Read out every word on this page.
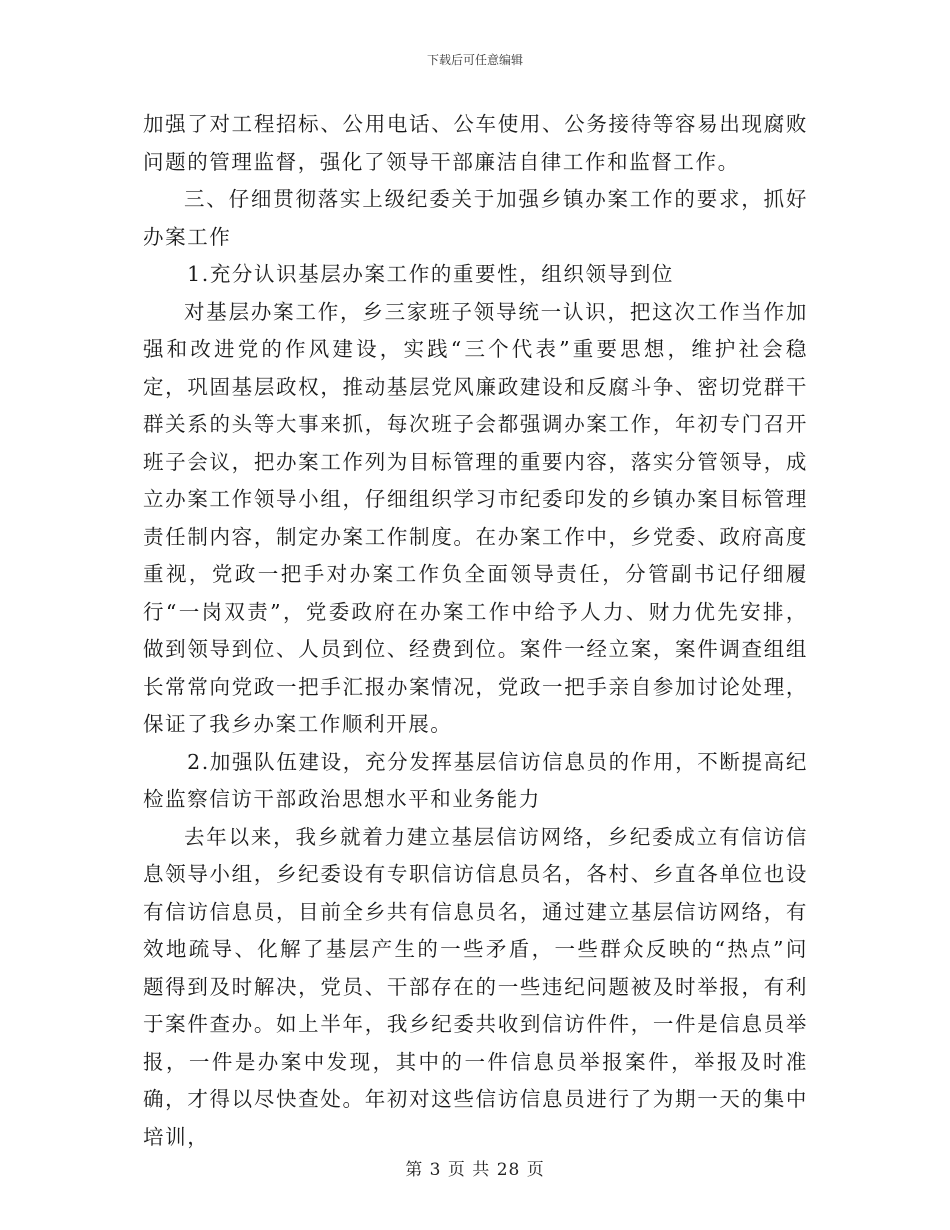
下载后可任意编辑

加强了对工程招标、公用电话、公车使用、公务接待等容易出现腐败问题的管理监督，强化了领导干部廉洁自律工作和监督工作。

三、仔细贯彻落实上级纪委关于加强乡镇办案工作的要求，抓好办案工作

1.充分认识基层办案工作的重要性，组织领导到位

对基层办案工作，乡三家班子领导统一认识，把这次工作当作加强和改进党的作风建设，实践“三个代表”重要思想，维护社会稳定，巩固基层政权，推动基层党风廉政建设和反腐斗争、密切党群干群关系的头等大事来抓，每次班子会都强调办案工作，年初专门召开班子会议，把办案工作列为目标管理的重要内容，落实分管领导，成立办案工作领导小组，仔细组织学习市纪委印发的乡镇办案目标管理责任制内容，制定办案工作制度。在办案工作中，乡党委、政府高度重视，党政一把手对办案工作负全面领导责任，分管副书记仔细履行“一岗双责”，党委政府在办案工作中给予人力、财力优先安排，做到领导到位、人员到位、经费到位。案件一经立案，案件调查组组长常常向党政一把手汇报办案情况，党政一把手亲自参加讨论处理，保证了我乡办案工作顺利开展。

2.加强队伍建设，充分发挥基层信访信息员的作用，不断提高纪检监察信访干部政治思想水平和业务能力

去年以来，我乡就着力建立基层信访网络，乡纪委成立有信访信息领导小组，乡纪委设有专职信访信息员名，各村、乡直各单位也设有信访信息员，目前全乡共有信息员名，通过建立基层信访网络，有效地疏导、化解了基层产生的一些矛盾，一些群众反映的“热点”问题得到及时解决，党员、干部存在的一些违纪问题被及时举报，有利于案件查办。如上半年，我乡纪委共收到信访件件，一件是信息员举报，一件是办案中发现，其中的一件信息员举报案件，举报及时准确，才得以尽快查处。年初对这些信访信息员进行了为期一天的集中培训，

第 3 页 共 28 页
